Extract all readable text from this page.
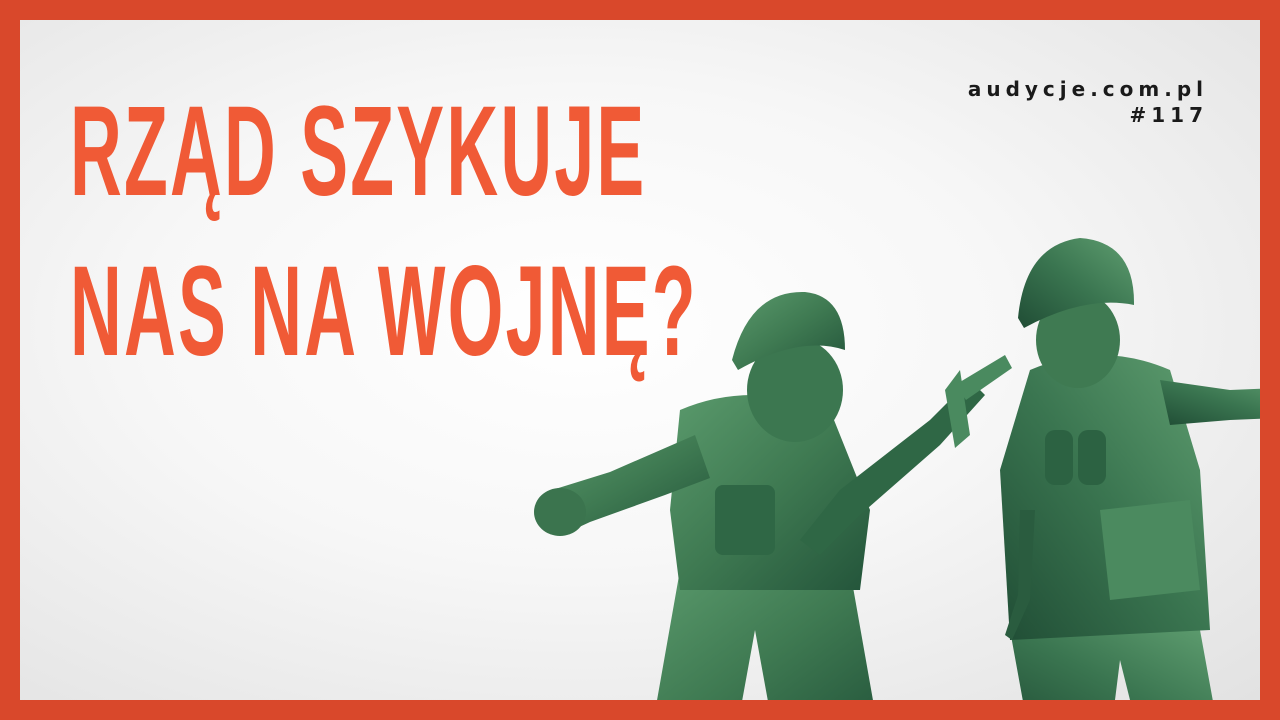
RZĄD SZYKUJE
NAS NA WOJNĘ?
audycje.com.pl
#117
